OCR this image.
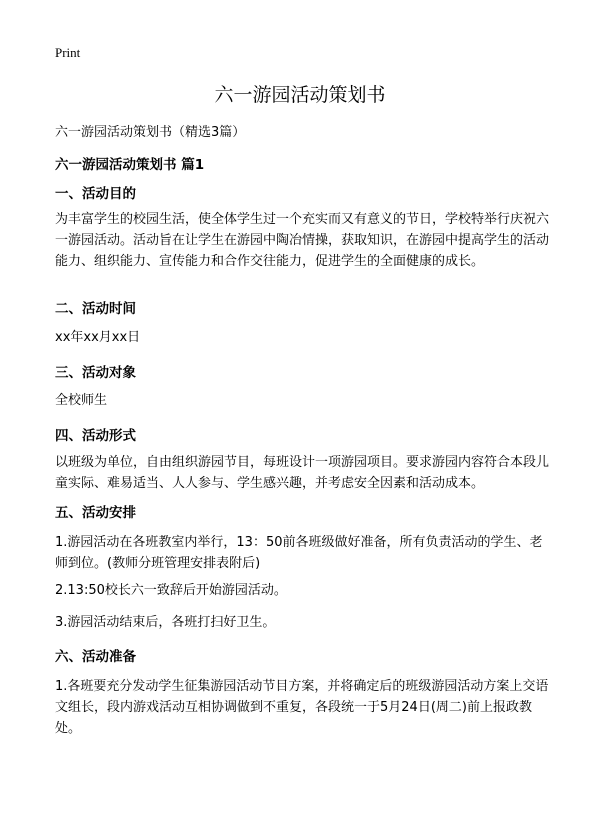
Print
六一游园活动策划书

六一游园活动策划书（精选3篇）

六一游园活动策划书 篇1

一、活动目的

为丰富学生的校园生活，使全体学生过一个充实而又有意义的节日，学校特举行庆祝六一游园活动。活动旨在让学生在游园中陶冶情操，获取知识，在游园中提高学生的活动能力、组织能力、宣传能力和合作交往能力，促进学生的全面健康的成长。

二、活动时间

xx年xx月xx日

三、活动对象

全校师生

四、活动形式

以班级为单位，自由组织游园节目，每班设计一项游园项目。要求游园内容符合本段儿童实际、难易适当、人人参与、学生感兴趣，并考虑安全因素和活动成本。

五、活动安排

1.游园活动在各班教室内举行，13：50前各班级做好准备，所有负责活动的学生、老师到位。(教师分班管理安排表附后)

2.13:50校长六一致辞后开始游园活动。

3.游园活动结束后，各班打扫好卫生。

六、活动准备

1.各班要充分发动学生征集游园活动节目方案，并将确定后的班级游园活动方案上交语文组长，段内游戏活动互相协调做到不重复，各段统一于5月24日(周二)前上报政教处。
